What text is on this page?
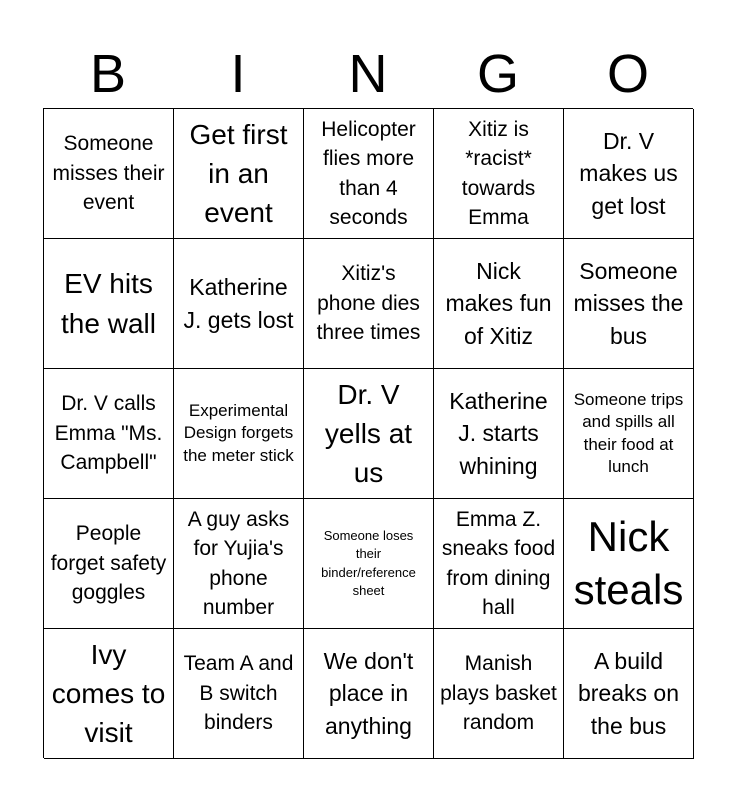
B	I	N	G	O
Someone misses their event
Get first in an event
Helicopter flies more than 4 seconds
Xitiz is *racist* towards Emma
Dr. V makes us get lost
EV hits the wall
Katherine J. gets lost
Xitiz's phone dies three times
Nick makes fun of Xitiz
Someone misses the bus
Dr. V calls Emma "Ms. Campbell"
Experimental Design forgets the meter stick
Dr. V yells at us
Katherine J. starts whining
Someone trips and spills all their food at lunch
People forget safety goggles
A guy asks for Yujia's phone number
Someone loses their binder/reference sheet
Emma Z. sneaks food from dining hall
Nick steals
Ivy comes to visit
Team A and B switch binders
We don't place in anything
Manish plays basket random
A build breaks on the bus
